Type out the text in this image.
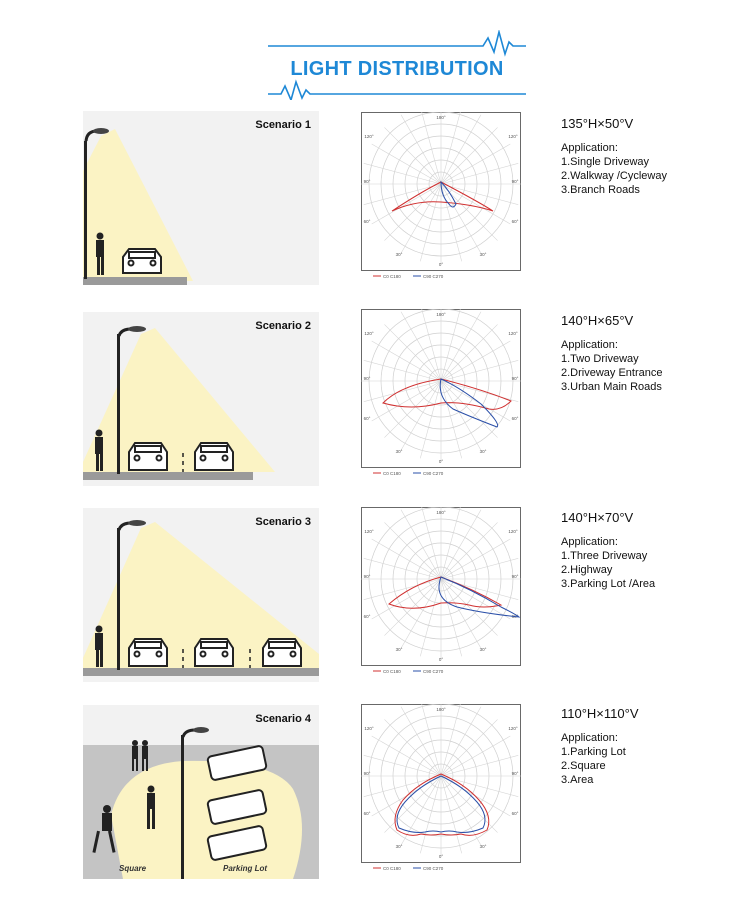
LIGHT DISTRIBUTION
Scenario 1
Scenario 2
Scenario 3
Square	Parking Lot
Scenario 4
180°
0°
120°	120°
90°	90°
60°	60°
30°	30°
C0 C180	C90 C270
180°
0°
120°	120°
90°	90°
60°	60°
30°	30°
C0 C180	C90 C270
180°
0°
120°	120°
90°	90°
60°	60°
30°	30°
C0 C180	C90 C270
180°
0°
120°	120°
90°	90°
60°	60°
30°	30°
C0 C180	C90 C270
135°H×50°V
Application:
1.Single Driveway
2.Walkway /Cycleway
3.Branch Roads
140°H×65°V
Application:
1.Two Driveway
2.Driveway Entrance
3.Urban Main Roads
140°H×70°V
Application:
1.Three Driveway
2.Highway
3.Parking Lot /Area
110°H×110°V
Application:
1.Parking Lot
2.Square
3.Area
